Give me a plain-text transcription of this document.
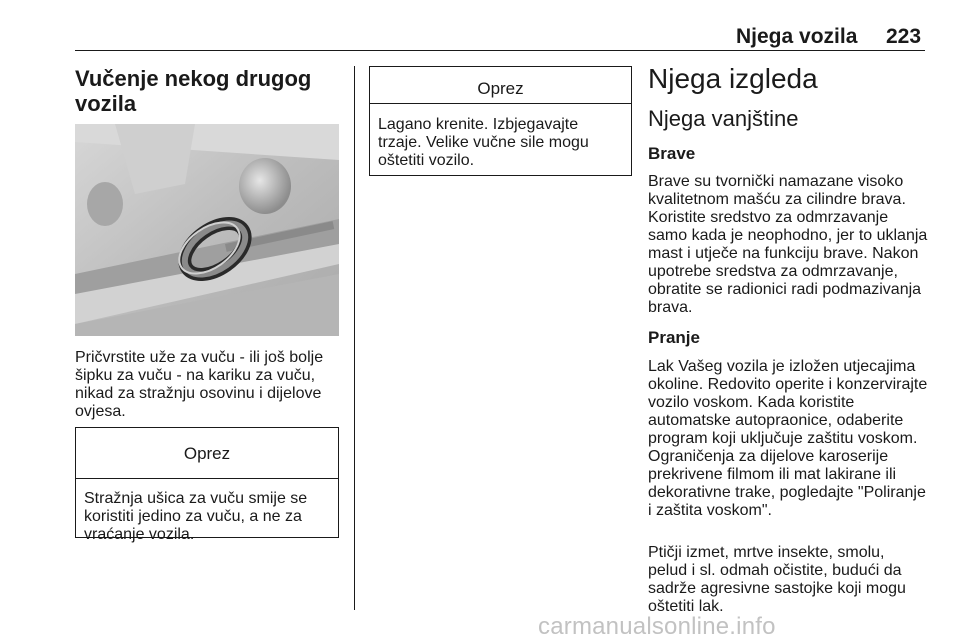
Njega vozila 223
Vučenje nekog drugog vozila
Pričvrstite uže za vuču - ili još bolje šipku za vuču - na kariku za vuču, nikad za stražnju osovinu i dijelove ovjesa.
Oprez
Stražnja ušica za vuču smije se koristiti jedino za vuču, a ne za vraćanje vozila.
Oprez
Lagano krenite. Izbjegavajte trzaje. Velike vučne sile mogu oštetiti vozilo.
Njega izgleda
Njega vanjštine
Brave
Brave su tvornički namazane visoko kvalitetnom mašću za cilindre brava. Koristite sredstvo za odmrzavanje samo kada je neophodno, jer to uklanja mast i utječe na funkciju brave. Nakon upotrebe sredstva za odmrzavanje, obratite se radionici radi podmazivanja brava.
Pranje
Lak Vašeg vozila je izložen utjecajima okoline. Redovito operite i konzervirajte vozilo voskom. Kada koristite automatske autopraonice, odaberite program koji uključuje zaštitu voskom. Ograničenja za dijelove karoserije prekrivene filmom ili mat lakirane ili dekorativne trake, pogledajte "Poliranje i zaštita voskom".
Ptičji izmet, mrtve insekte, smolu, pelud i sl. odmah očistite, budući da sadrže agresivne sastojke koji mogu oštetiti lak.
carmanualsonline.info
